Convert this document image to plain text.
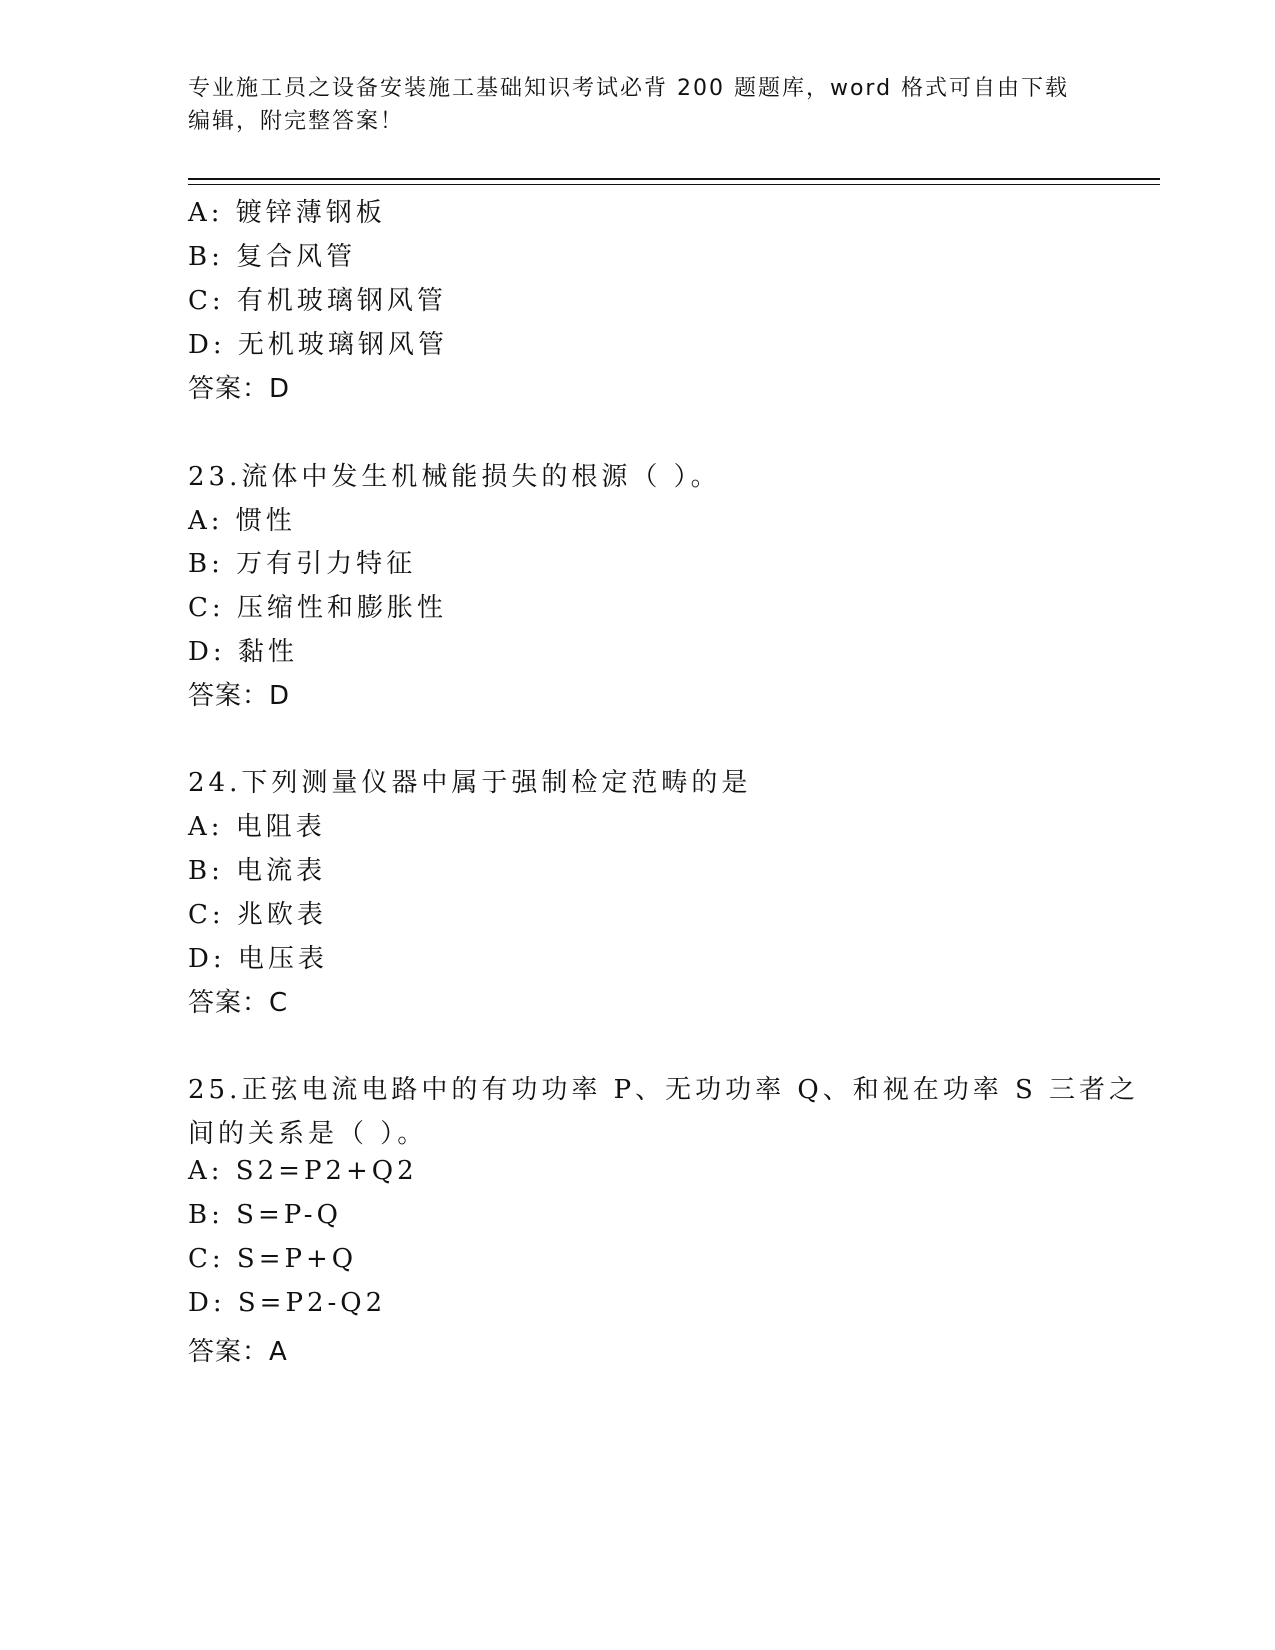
专业施工员之设备安装施工基础知识考试必背 200 题题库，word 格式可自由下载
编辑，附完整答案！
A: 镀锌薄钢板
B: 复合风管
C: 有机玻璃钢风管
D: 无机玻璃钢风管
答案：D
23.流体中发生机械能损失的根源（ ）。
A: 惯性
B: 万有引力特征
C: 压缩性和膨胀性
D: 黏性
答案：D
24.下列测量仪器中属于强制检定范畴的是
A: 电阻表
B: 电流表
C: 兆欧表
D: 电压表
答案：C
25.正弦电流电路中的有功功率 P、无功功率 Q、和视在功率 S 三者之
间的关系是（ ）。
A: S2=P2+Q2
B: S=P-Q
C: S=P+Q
D: S=P2-Q2
答案：A
